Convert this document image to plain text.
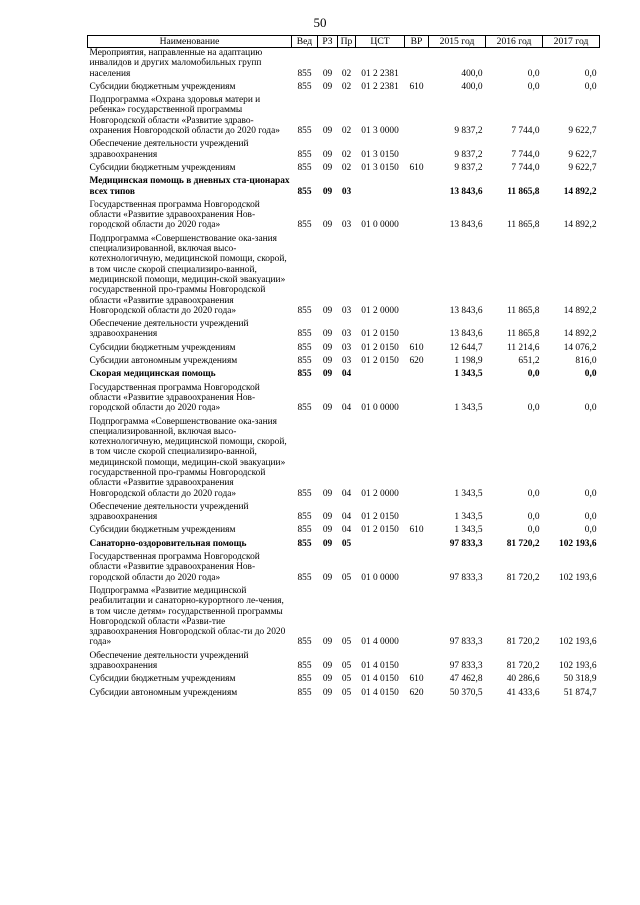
50
Наименование	Вед	РЗ	Пр	ЦСТ	ВР	2015 год	2016 год	2017 год
Мероприятия, направленные на адаптацию инвалидов и других маломобильных групп населения	855	09	02	01 2 2381		400,0	0,0	0,0
Субсидии бюджетным учреждениям	855	09	02	01 2 2381	610	400,0	0,0	0,0
Подпрограмма «Охрана здоровья матери и ребенка» государственной программы Новгородской области «Развитие здраво-охранения Новгородской области до 2020 года»	855	09	02	01 3 0000		9 837,2	7 744,0	9 622,7
Обеспечение деятельности учреждений здравоохранения	855	09	02	01 3 0150		9 837,2	7 744,0	9 622,7
Субсидии бюджетным учреждениям	855	09	02	01 3 0150	610	9 837,2	7 744,0	9 622,7
Медицинская помощь в дневных ста-ционарах всех типов	855	09	03			13 843,6	11 865,8	14 892,2
Государственная программа Новгородской области «Развитие здравоохранения Нов-городской области до 2020 года»	855	09	03	01 0 0000		13 843,6	11 865,8	14 892,2
Подпрограмма «Совершенствование ока-зания специализированной, включая высо-котехнологичную, медицинской помощи, скорой, в том числе скорой специализиро-ванной, медицинской помощи, медицин-ской эвакуации» государственной про-граммы Новгородской области «Развитие здравоохранения Новгородской области до 2020 года»	855	09	03	01 2 0000		13 843,6	11 865,8	14 892,2
Обеспечение деятельности учреждений здравоохранения	855	09	03	01 2 0150		13 843,6	11 865,8	14 892,2
Субсидии бюджетным учреждениям	855	09	03	01 2 0150	610	12 644,7	11 214,6	14 076,2
Субсидии автономным учреждениям	855	09	03	01 2 0150	620	1 198,9	651,2	816,0
Скорая медицинская помощь	855	09	04			1 343,5	0,0	0,0
Государственная программа Новгородской области «Развитие здравоохранения Нов-городской области до 2020 года»	855	09	04	01 0 0000		1 343,5	0,0	0,0
Подпрограмма «Совершенствование ока-зания специализированной, включая высо-котехнологичную, медицинской помощи, скорой, в том числе скорой специализиро-ванной, медицинской помощи, медицин-ской эвакуации» государственной про-граммы Новгородской области «Развитие здравоохранения Новгородской области до 2020 года»	855	09	04	01 2 0000		1 343,5	0,0	0,0
Обеспечение деятельности учреждений здравоохранения	855	09	04	01 2 0150		1 343,5	0,0	0,0
Субсидии бюджетным учреждениям	855	09	04	01 2 0150	610	1 343,5	0,0	0,0
Санаторно-оздоровительная помощь	855	09	05			97 833,3	81 720,2	102 193,6
Государственная программа Новгородской области «Развитие здравоохранения Нов-городской области до 2020 года»	855	09	05	01 0 0000		97 833,3	81 720,2	102 193,6
Подпрограмма «Развитие медицинской реабилитации и санаторно-курортного ле-чения, в том числе детям» государственной программы Новгородской области «Разви-тие здравоохранения Новгородской облас-ти до 2020 года»	855	09	05	01 4 0000		97 833,3	81 720,2	102 193,6
Обеспечение деятельности учреждений здравоохранения	855	09	05	01 4 0150		97 833,3	81 720,2	102 193,6
Субсидии бюджетным учреждениям	855	09	05	01 4 0150	610	47 462,8	40 286,6	50 318,9
Субсидии автономным учреждениям	855	09	05	01 4 0150	620	50 370,5	41 433,6	51 874,7
